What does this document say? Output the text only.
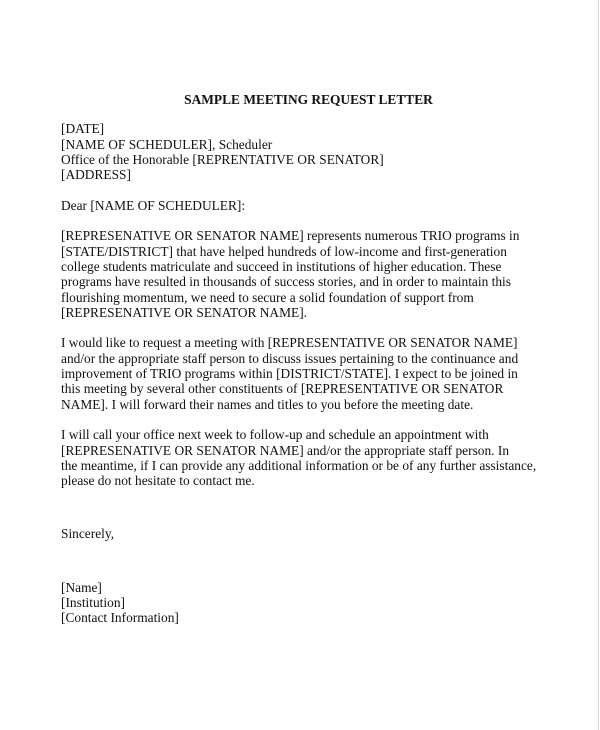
SAMPLE MEETING REQUEST LETTER
[DATE]
[NAME OF SCHEDULER], Scheduler
Office of the Honorable [REPRENTATIVE OR SENATOR]
[ADDRESS]
Dear [NAME OF SCHEDULER]:
[REPRESENATIVE OR SENATOR NAME] represents numerous TRIO programs in
[STATE/DISTRICT] that have helped hundreds of low-income and first-generation
college students matriculate and succeed in institutions of higher education. These
programs have resulted in thousands of success stories, and in order to maintain this
flourishing momentum, we need to secure a solid foundation of support from
[REPRESENATIVE OR SENATOR NAME].
I would like to request a meeting with [REPRESENTATIVE OR SENATOR NAME]
and/or the appropriate staff person to discuss issues pertaining to the continuance and
improvement of TRIO programs within [DISTRICT/STATE]. I expect to be joined in
this meeting by several other constituents of [REPRESENTATIVE OR SENATOR
NAME]. I will forward their names and titles to you before the meeting date.
I will call your office next week to follow-up and schedule an appointment with
[REPRESENATIVE OR SENATOR NAME] and/or the appropriate staff person. In
the meantime, if I can provide any additional information or be of any further assistance,
please do not hesitate to contact me.
Sincerely,
[Name]
[Institution]
[Contact Information]
